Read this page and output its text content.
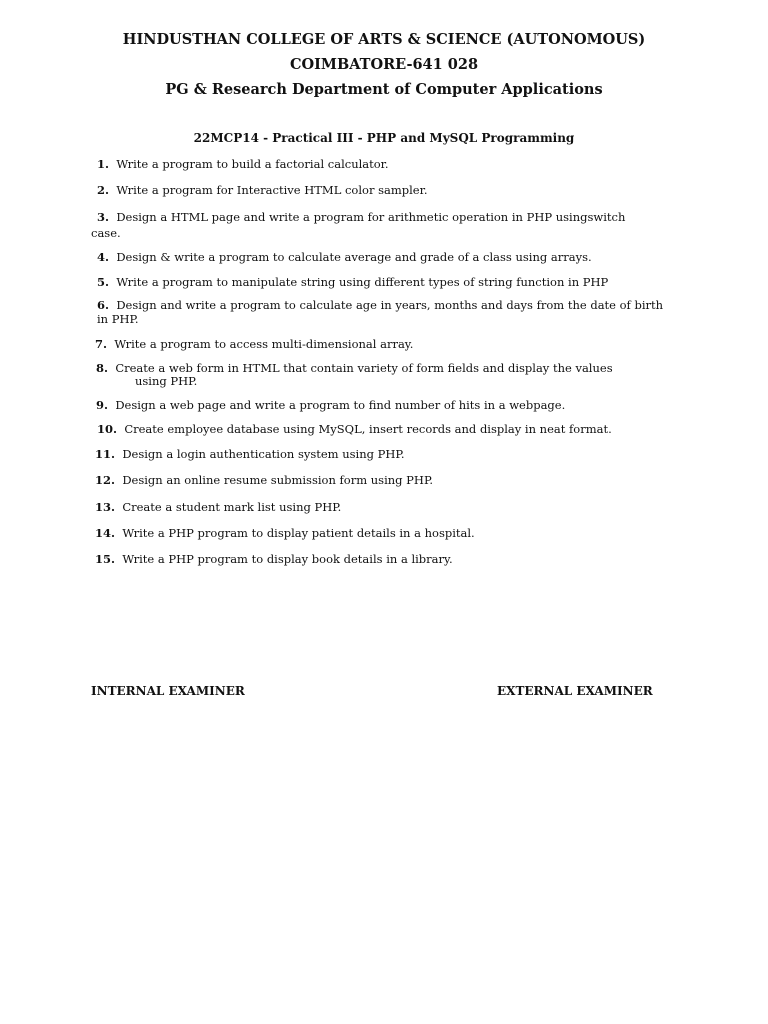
HINDUSTHAN COLLEGE OF ARTS & SCIENCE (AUTONOMOUS)
COIMBATORE-641 028
PG & Research Department of Computer Applications
22MCP14 - Practical III - PHP and MySQL Programming
1. Write a program to build a factorial calculator.
2. Write a program for Interactive HTML color sampler.
3. Design a HTML page and write a program for arithmetic operation in PHP usingswitch
case.
4. Design & write a program to calculate average and grade of a class using arrays.
5. Write a program to manipulate string using different types of string function in PHP
6. Design and write a program to calculate age in years, months and days from the date of birth
in PHP.
7. Write a program to access multi-dimensional array.
8. Create a web form in HTML that contain variety of form fields and display the values
using PHP.
9. Design a web page and write a program to find number of hits in a webpage.
10. Create employee database using MySQL, insert records and display in neat format.
11. Design a login authentication system using PHP.
12. Design an online resume submission form using PHP.
13. Create a student mark list using PHP.
14. Write a PHP program to display patient details in a hospital.
15. Write a PHP program to display book details in a library.
INTERNAL EXAMINER	EXTERNAL EXAMINER
